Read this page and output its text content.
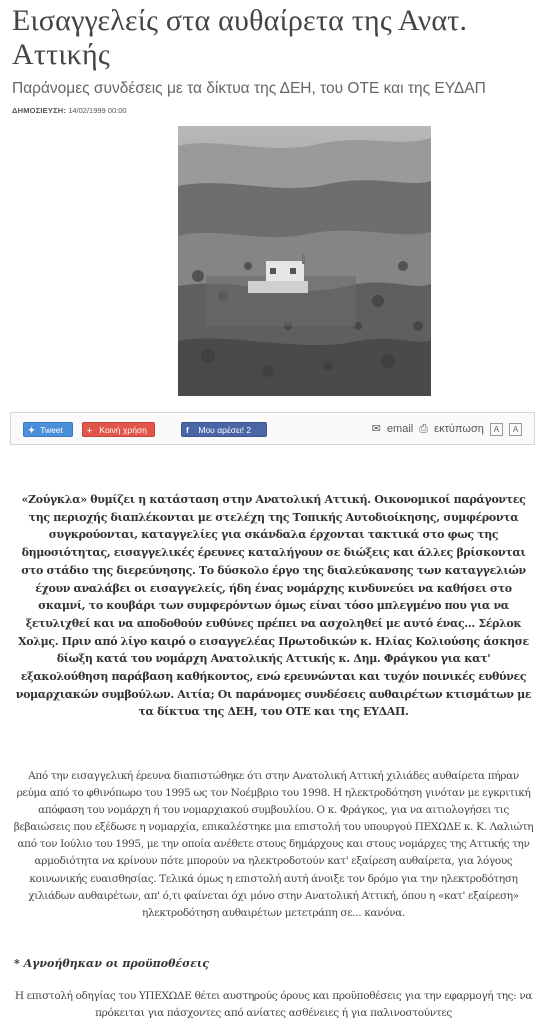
Εισαγγελείς στα αυθαίρετα της Ανατ. Αττικής
Παράνομες συνδέσεις με τα δίκτυα της ΔΕΗ, του ΟΤΕ και της ΕΥΔΑΠ
ΔΗΜΟΣΙΕΥΣΗ: 14/02/1999 00:00
✦ Tweet	+ Κοινή χρήση	f Μου αρέσει! 2	✉ email ⎙ εκτύπωση A A

«Ζούγκλα» θυμίζει η κατάσταση στην Ανατολική Αττική. Οικονομικοί παράγοντες της περιοχής διαπλέκονται με στελέχη της Τοπικής Αυτοδιοίκησης, συμφέροντα συγκρούονται, καταγγελίες για σκάνδαλα έρχονται τακτικά στο φως της δημοσιότητας, εισαγγελικές έρευνες καταλήγουν σε διώξεις και άλλες βρίσκονται στο στάδιο της διερεύνησης. Το δύσκολο έργο της διαλεύκανσης των καταγγελιών έχουν αναλάβει οι εισαγγελείς, ήδη ένας νομάρχης κινδυνεύει να καθήσει στο σκαμνί, το κουβάρι των συμφερόντων όμως είναι τόσο μπλεγμένο που για να ξετυλιχθεί και να αποδοθούν ευθύνες πρέπει να ασχοληθεί με αυτό ένας... Σέρλοκ Χολμς. Πριν από λίγο καιρό ο εισαγγελέας Πρωτοδικών κ. Ηλίας Κολιούσης άσκησε δίωξη κατά του νομάρχη Ανατολικής Αττικής κ. Δημ. Φράγκου για κατ' εξακολούθηση παράβαση καθήκοντος, ενώ ερευνώνται και τυχόν ποινικές ευθύνες νομαρχιακών συμβούλων. Αιτία; Οι παράνομες συνδέσεις αυθαιρέτων κτισμάτων με τα δίκτυα της ΔΕΗ, του ΟΤΕ και της ΕΥΔΑΠ.

Από την εισαγγελική έρευνα διαπιστώθηκε ότι στην Ανατολική Αττική χιλιάδες αυθαίρετα πήραν ρεύμα από το φθινόπωρο του 1995 ως τον Νοέμβριο του 1998. Η ηλεκτροδότηση γινόταν με εγκριτική απόφαση του νομάρχη ή του νομαρχιακού συμβουλίου. Ο κ. Φράγκος, για να αιτιολογήσει τις βεβαιώσεις που εξέδωσε η νομαρχία, επικαλέστηκε μια επιστολή του υπουργού ΠΕΧΩΔΕ κ. Κ. Λαλιώτη από τον Ιούλιο του 1995, με την οποία ανέθετε στους δημάρχους και στους νομάρχες της Αττικής την αρμοδιότητα να κρίνουν πότε μπορούν να ηλεκτροδοτούν κατ' εξαίρεση αυθαίρετα, για λόγους κοινωνικής ευαισθησίας. Τελικά όμως η επιστολή αυτή άνοιξε τον δρόμο για την ηλεκτροδότηση χιλιάδων αυθαιρέτων, απ' ό,τι φαίνεται όχι μόνο στην Ανατολική Αττική, όπου η «κατ' εξαίρεση» ηλεκτροδότηση αυθαιρέτων μετετράπη σε... κανόνα.

* Αγνοήθηκαν οι προϋποθέσεις

Η επιστολή οδηγίας του ΥΠΕΧΩΔΕ θέτει αυστηρούς όρους και προϋποθέσεις για την εφαρμογή της: να πρόκειται για πάσχοντες από ανίατες ασθένειες ή για παλινοστούντες
